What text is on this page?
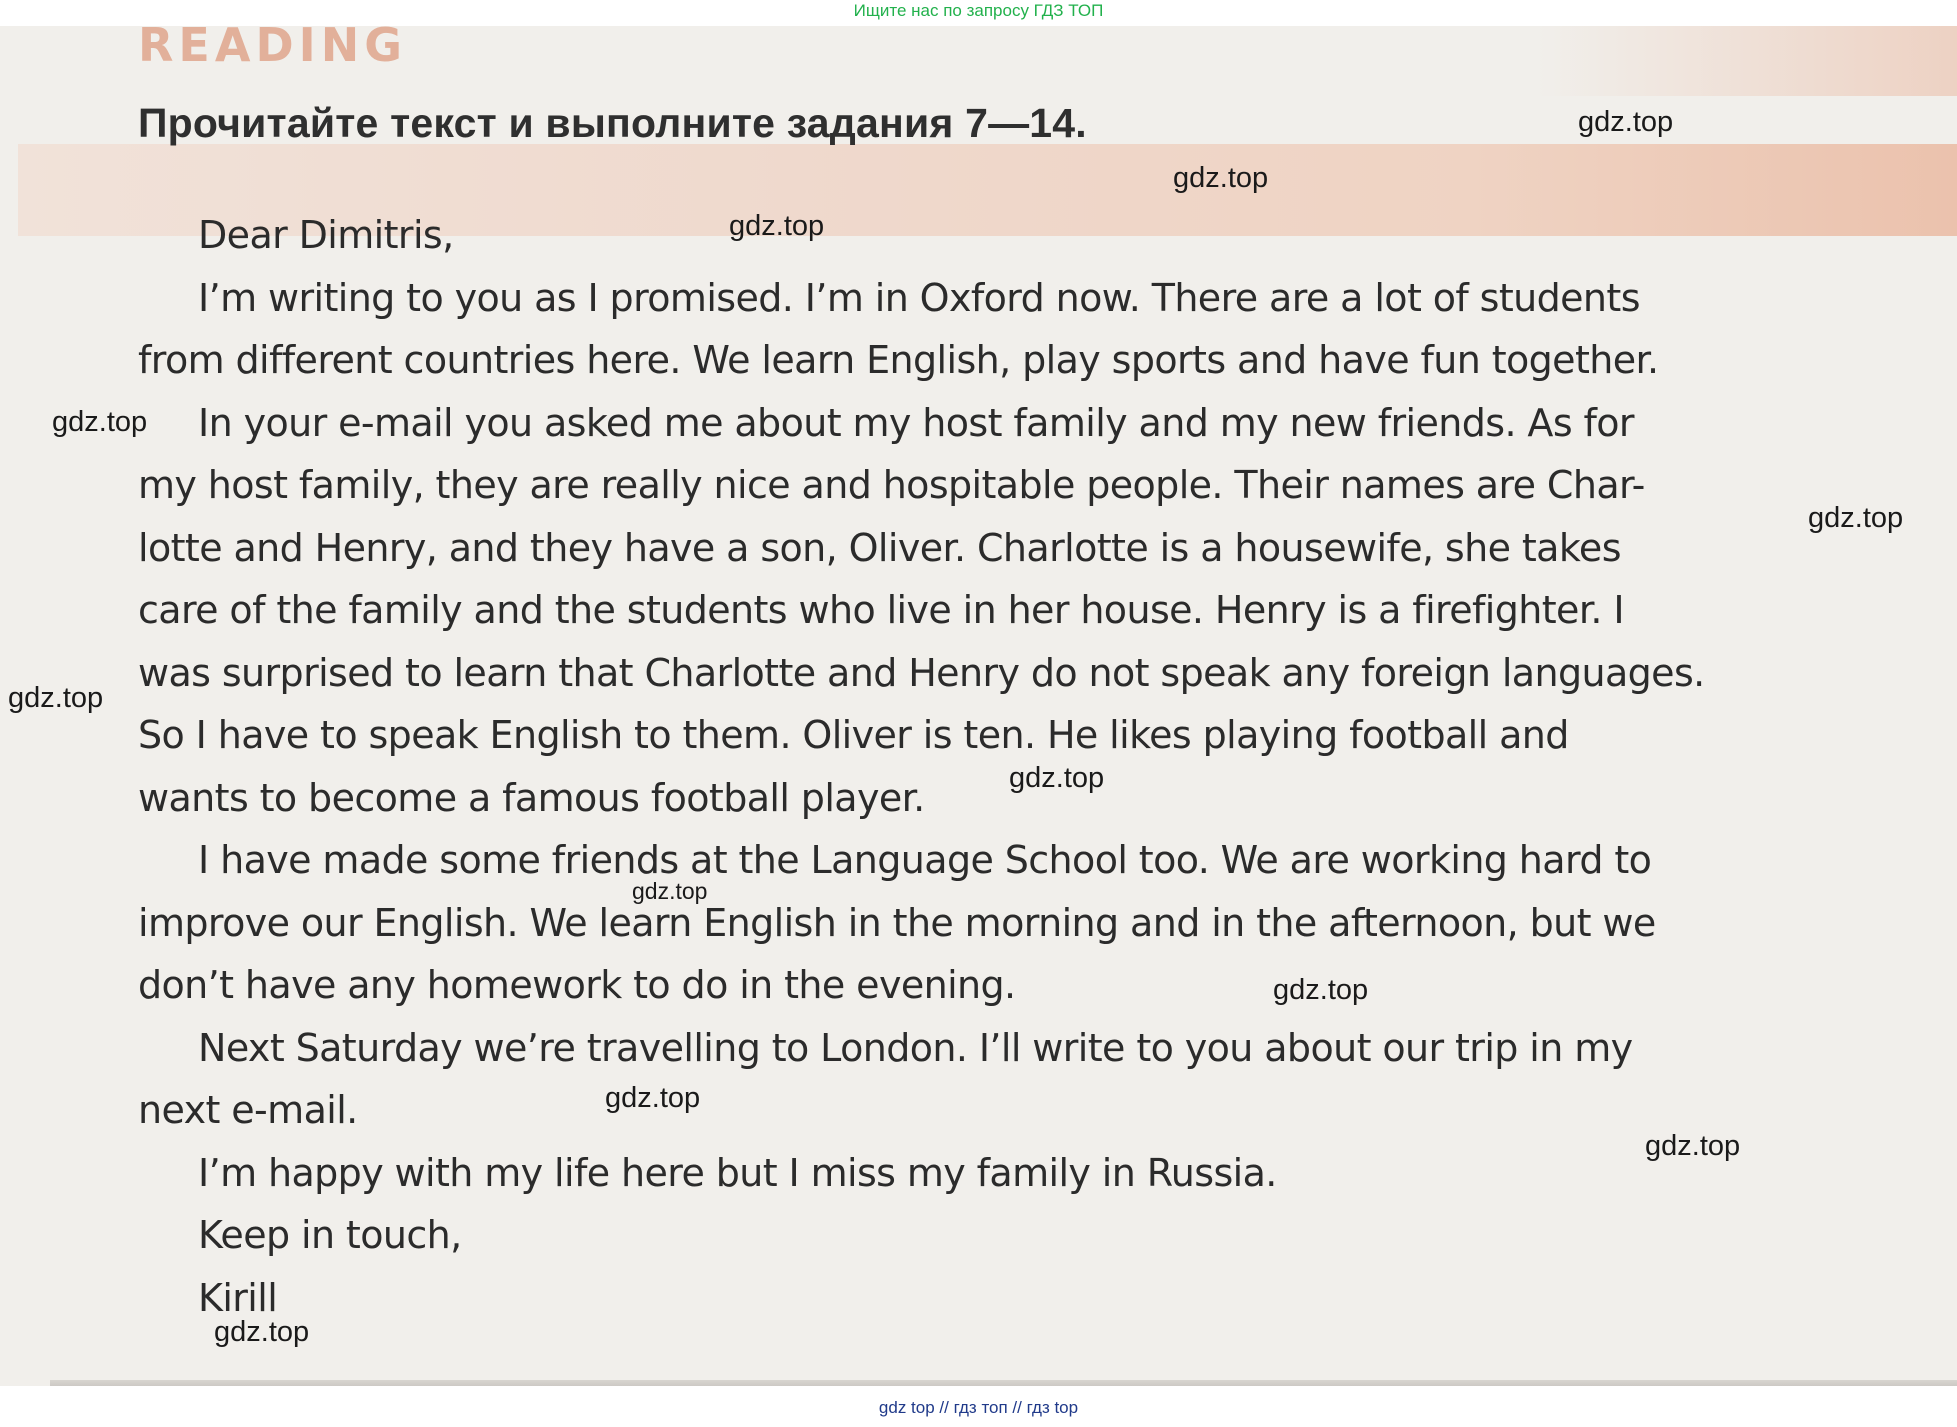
Ищите нас по запросу ГДЗ ТОП
READING
Прочитайте текст и выполните задания 7—14.

Dear Dimitris,

I’m writing to you as I promised. I’m in Oxford now. There are a lot of students

from different countries here. We learn English, play sports and have fun together.

In your e-mail you asked me about my host family and my new friends. As for

my host family, they are really nice and hospitable people. Their names are Char-

lotte and Henry, and they have a son, Oliver. Charlotte is a housewife, she takes

care of the family and the students who live in her house. Henry is a firefighter. I

was surprised to learn that Charlotte and Henry do not speak any foreign languages.

So I have to speak English to them. Oliver is ten. He likes playing football and

wants to become a famous football player.

I have made some friends at the Language School too. We are working hard to

improve our English. We learn English in the morning and in the afternoon, but we

don’t have any homework to do in the evening.

Next Saturday we’re travelling to London. I’ll write to you about our trip in my

next e-mail.

I’m happy with my life here but I miss my family in Russia.

Keep in touch,

Kirill

gdz.top
gdz.top
gdz.top
gdz.top
gdz.top
gdz.top
gdz.top
gdz.top
gdz.top
gdz.top
gdz.top
gdz.top
gdz top // гдз топ // гдз top
